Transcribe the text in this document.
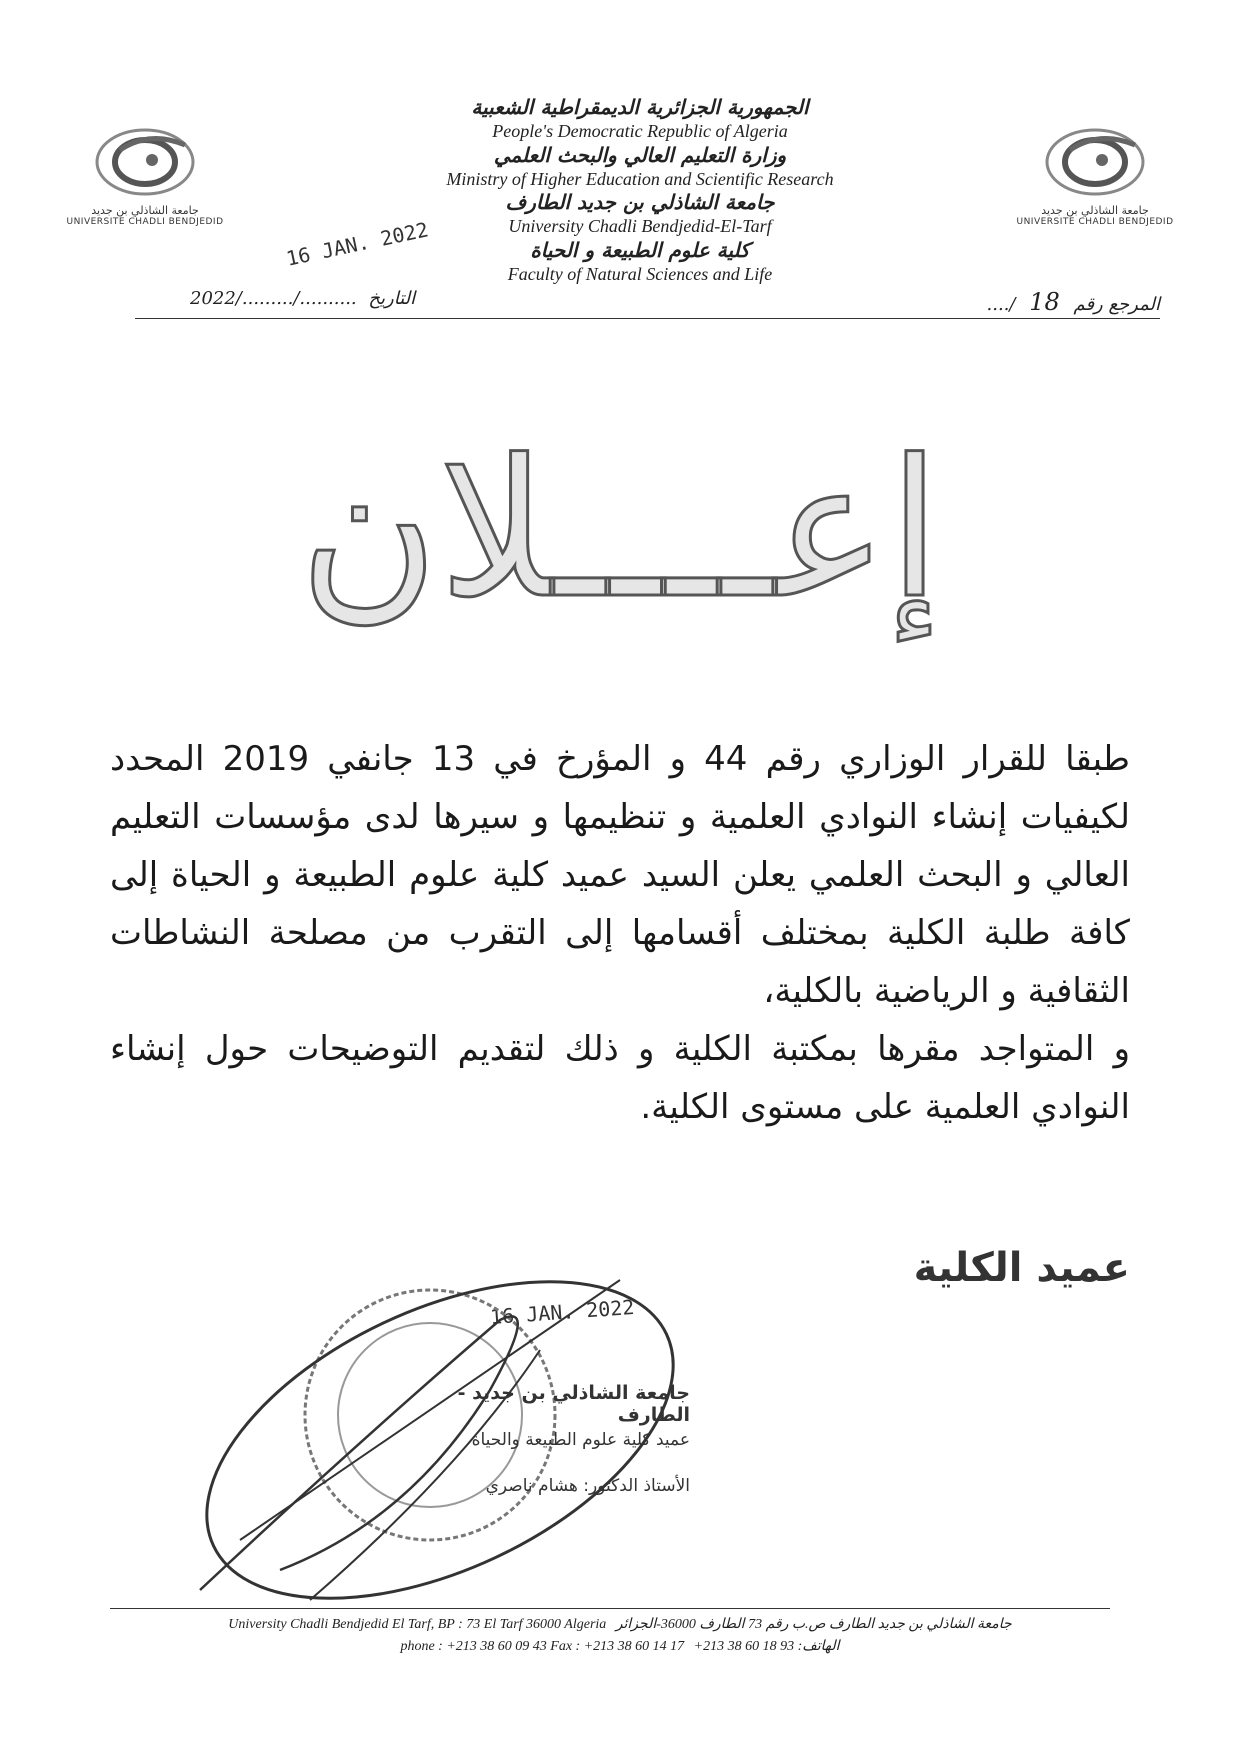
جامعة الشاذلي بن جديد
UNIVERSITE CHADLI BENDJEDID
جامعة الشاذلي بن جديد
UNIVERSITE CHADLI BENDJEDID
الجمهورية الجزائرية الديمقراطية الشعبية
People's Democratic Republic of Algeria
وزارة التعليم العالي والبحث العلمي
Ministry of Higher Education and Scientific Research
جامعة الشاذلي بن جديد الطارف
University Chadli Bendjedid-El-Tarf
كلية علوم الطبيعة و الحياة
Faculty of Natural Sciences and Life
16 JAN. 2022
2022/........./.......... التاريخ	المرجع رقم 18 /....
إعــــلان
طبقا للقرار الوزاري رقم 44 و المؤرخ في 13 جانفي 2019 المحدد لكيفيات إنشاء النوادي العلمية و تنظيمها و سيرها لدى مؤسسات التعليم العالي و البحث العلمي يعلن السيد عميد كلية علوم الطبيعة و الحياة إلى كافة طلبة الكلية بمختلف أقسامها إلى التقرب من مصلحة النشاطات الثقافية و الرياضية بالكلية،
و المتواجد مقرها بمكتبة الكلية و ذلك لتقديم التوضيحات حول إنشاء النوادي العلمية على مستوى الكلية.
عميد الكلية
16 JAN. 2022
جامعة الشاذلي بن جديد - الطارف
عميد كلية علوم الطبيعة والحياة
الأستاذ الدكتور: هشام ناصري
University Chadli Bendjedid El Tarf, BP : 73 El Tarf 36000 Algeria جامعة الشاذلي بن جديد الطارف ص.ب رقم 73 الطارف 36000-الجزائر
phone : +213 38 60 09 43 Fax : +213 38 60 14 17 الهاتف: 93 18 60 38 213+
